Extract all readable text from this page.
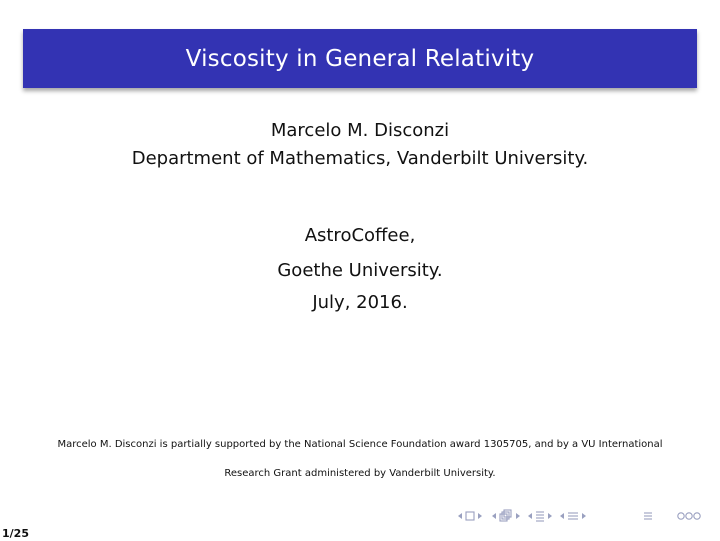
Viscosity in General Relativity
Marcelo M. Disconzi
Department of Mathematics, Vanderbilt University.
AstroCoffee,
Goethe University.
July, 2016.
Marcelo M. Disconzi is partially supported by the National Science Foundation award 1305705, and by a VU International
Research Grant administered by Vanderbilt University.
1/25
